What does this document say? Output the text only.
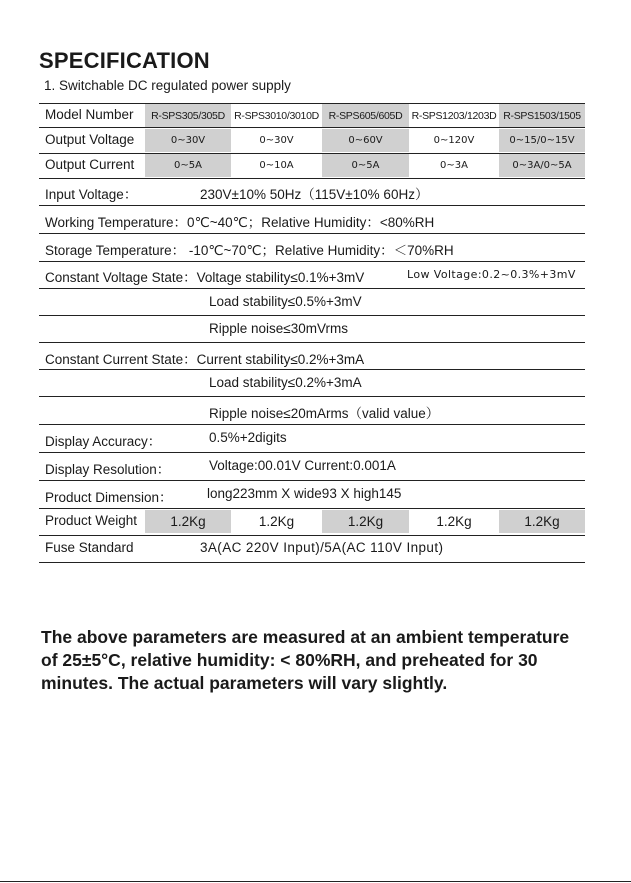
SPECIFICATION
1. Switchable DC regulated power supply
Model Number	R-SPS305/305D R-SPS3010/3010D R-SPS605/605D R-SPS1203/1203D R-SPS1503/1505
Output Voltage	0~30V	0~30V	0~60V	0~120V	0~15/0~15V
Output Current	0~5A	0~10A	0~5A	0~3A	0~3A/0~5A
Input Voltage：	230V±10% 50Hz（115V±10% 60Hz）
Working Temperature：0℃~40℃；Relative Humidity：<80%RH
Storage Temperature： -10℃~70℃；Relative Humidity：＜70%RH
Constant Voltage State：Voltage stability≤0.1%+3mV	Low Voltage:0.2~0.3%+3mV
Load stability≤0.5%+3mV
Ripple noise≤30mVrms
Constant Current State：Current stability≤0.2%+3mA
Load stability≤0.2%+3mA
Ripple noise≤20mArms（valid value）
Display Accuracy：	0.5%+2digits
Display Resolution：	Voltage:00.01V Current:0.001A
Product Dimension：	long223mm X wide93 X high145
Product Weight	1.2Kg	1.2Kg	1.2Kg	1.2Kg	1.2Kg
Fuse Standard	3A(AC 220V Input)/5A(AC 110V Input)
The above parameters are measured at an ambient temperature of 25±5°C, relative humidity: < 80%RH, and preheated for 30 minutes. The actual parameters will vary slightly.
